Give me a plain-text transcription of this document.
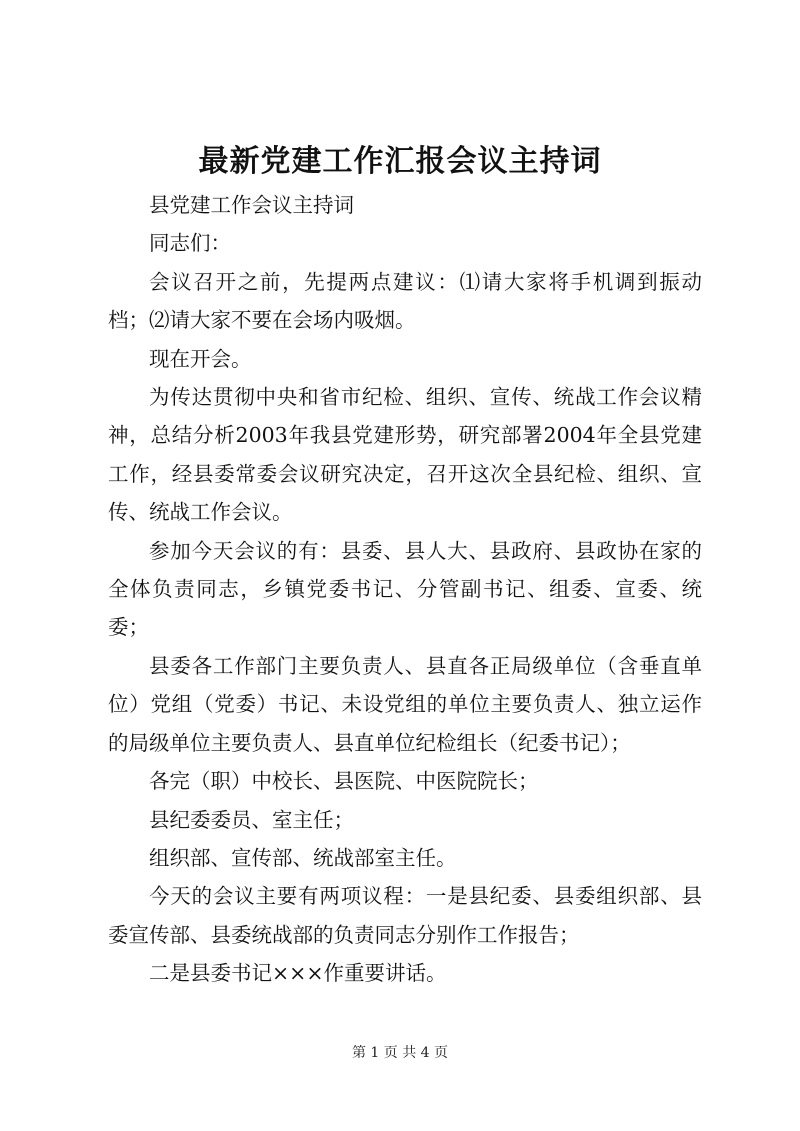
最新党建工作汇报会议主持词

县党建工作会议主持词

同志们：

会议召开之前，先提两点建议：⑴请大家将手机调到振动档；⑵请大家不要在会场内吸烟。

现在开会。

为传达贯彻中央和省市纪检、组织、宣传、统战工作会议精神，总结分析2003年我县党建形势，研究部署2004年全县党建工作，经县委常委会议研究决定，召开这次全县纪检、组织、宣传、统战工作会议。

参加今天会议的有：县委、县人大、县政府、县政协在家的全体负责同志，乡镇党委书记、分管副书记、组委、宣委、统委；

县委各工作部门主要负责人、县直各正局级单位（含垂直单位）党组（党委）书记、未设党组的单位主要负责人、独立运作的局级单位主要负责人、县直单位纪检组长（纪委书记）；

各完（职）中校长、县医院、中医院院长；

县纪委委员、室主任；

组织部、宣传部、统战部室主任。

今天的会议主要有两项议程：一是县纪委、县委组织部、县委宣传部、县委统战部的负责同志分别作工作报告；

二是县委书记×××作重要讲话。

第 1 页 共 4 页
